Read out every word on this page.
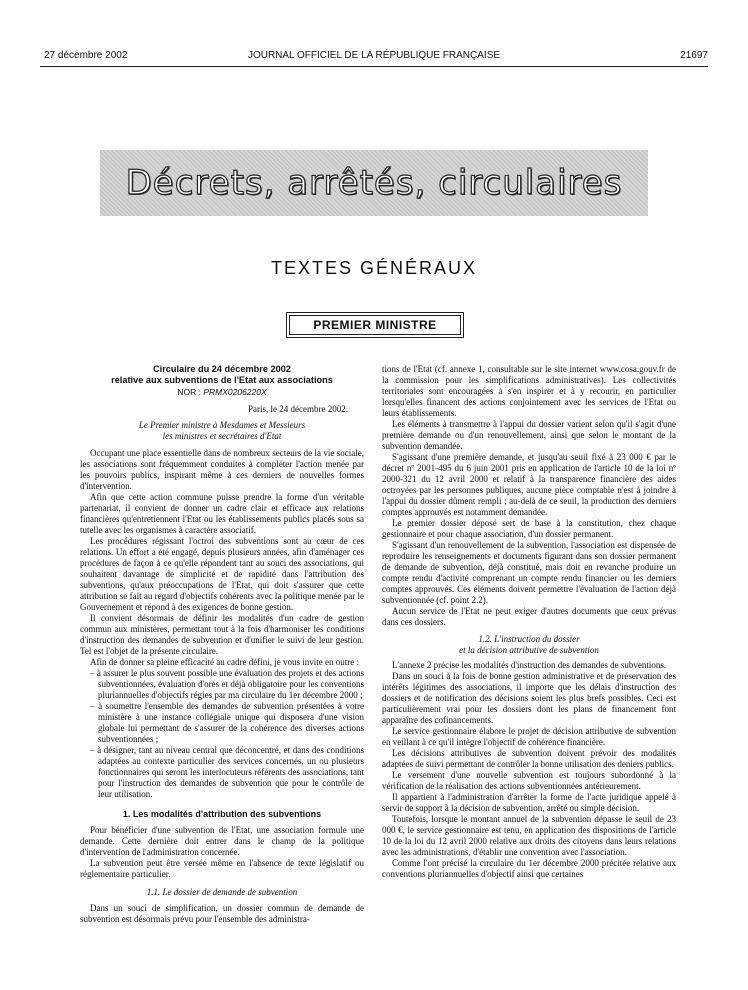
27 décembre 2002	JOURNAL OFFICIEL DE LA RÉPUBLIQUE FRANÇAISE	21697
Décrets, arrêtés, circulaires
TEXTES GÉNÉRAUX
PREMIER MINISTRE

Circulaire du 24 décembre 2002

relative aux subventions de l'Etat aux associations

NOR : PRMX0206220X

Paris, le 24 décembre 2002.

Le Premier ministre à Mesdames et Messieurs

les ministres et secrétaires d'Etat

Occupant une place essentielle dans de nombreux secteurs de la vie sociale, les associations sont fréquemment conduites à compléter l'action menée par les pouvoirs publics, inspirant même à ces derniers de nouvelles formes d'intervention.

Afin que cette action commune puisse prendre la forme d'un véritable partenariat, il convient de donner un cadre clair et efficace aux relations financières qu'entretiennent l'Etat ou les établissements publics placés sous sa tutelle avec les organismes à caractère associatif.

Les procédures régissant l'octroi des subventions sont au cœur de ces relations. Un effort a été engagé, depuis plusieurs années, afin d'aménager ces procédures de façon à ce qu'elle répondent tant au souci des associations, qui souhaitent davantage de simplicité et de rapidité dans l'attribution des subventions, qu'aux préoccupations de l'Etat, qui doit s'assurer que cette attribution se fait au regard d'objectifs cohérents avec la politique menée par le Gouvernement et répond à des exigences de bonne gestion.

Il convient désormais de définir les modalités d'un cadre de gestion commun aux ministères, permettant tout à la fois d'harmoniser les conditions d'instruction des demandes de subvention et d'unifier le suivi de leur gestion. Tel est l'objet de la présente circulaire.

Afin de donner sa pleine efficacité au cadre défini, je vous invite en outre :

– à assurer le plus souvent possible une évaluation des projets et des actions subventionnées, évaluation d'ores et déjà obligatoire pour les conventions pluriannuelles d'objectifs régies par ma circulaire du 1er décembre 2000 ;
– à soumettre l'ensemble des demandes de subvention présentées à votre ministère à une instance collégiale unique qui disposera d'une vision globale lui permettant de s'assurer de la cohérence des diverses actions subventionnées ;
– à désigner, tant au niveau central que déconcentré, et dans des conditions adaptées au contexte particulier des services concernés, un ou plusieurs fonctionnaires qui seront les interlocuteurs référents des associations, tant pour l'instruction des demandes de subvention que pour le contrôle de leur utilisation.

1. Les modalités d'attribution des subventions

Pour bénéficier d'une subvention de l'Etat, une association formule une demande. Cette dernière doit entrer dans le champ de la politique d'intervention de l'administration concernée.

La subvention peut être versée même en l'absence de texte législatif ou réglementaire particulier.

1.1. Le dossier de demande de subvention

Dans un souci de simplification, un dossier commun de demande de subvention est désormais prévu pour l'ensemble des administra-

tions de l'Etat (cf. annexe 1, consultable sur le site internet www.cosa.gouv.fr de la commission pour les simplifications administratives). Les collectivités territoriales sont encouragées à s'en inspirer et à y recourir, en particulier lorsqu'elles financent des actions conjointement avec les services de l'Etat ou leurs établissements.

Les éléments à transmettre à l'appui du dossier varient selon qu'il s'agit d'une première demande ou d'un renouvellement, ainsi que selon le montant de la subvention demandée.

S'agissant d'une première demande, et jusqu'au seuil fixé à 23 000 € par le décret nº 2001-495 du 6 juin 2001 pris en application de l'article 10 de la loi nº 2000-321 du 12 avril 2000 et relatif à la transparence financière des aides octroyées par les personnes publiques, aucune pièce comptable n'est à joindre à l'appui du dossier dûment rempli ; au-delà de ce seuil, la production des derniers comptes approuvés est notamment demandée.

Le premier dossier déposé sert de base à la constitution, chez chaque gestionnaire et pour chaque association, d'un dossier permanent.

S'agissant d'un renouvellement de la subvention, l'association est dispensée de reproduire les renseignements et documents figurant dans son dossier permanent de demande de subvention, déjà constitué, mais doit en revanche produire un compte rendu d'activité comprenant un compte rendu financier ou les derniers comptes approuvés. Ces éléments doivent permettre l'évaluation de l'action déjà subventionnée (cf. point 2.2).

Aucun service de l'Etat ne peut exiger d'autres documents que ceux prévus dans ces dossiers.

1.2. L'instruction du dossier

et la décision attributive de subvention

L'annexe 2 précise les modalités d'instruction des demandes de subventions.

Dans un souci à la fois de bonne gestion administrative et de préservation des intérêts légitimes des associations, il importe que les délais d'instruction des dossiers et de notification des décisions soient les plus brefs possibles. Ceci est particulièrement vrai pour les dossiers dont les plans de financement font apparaître des cofinancements.

Le service gestionnaire élabore le projet de décision attributive de subvention en veillant à ce qu'il intègre l'objectif de cohérence financière.

Les décisions attributives de subvention doivent prévoir des modalités adaptées de suivi permettant de contrôler la bonne utilisation des deniers publics.

Le versement d'une nouvelle subvention est toujours subordonné à la vérification de la réalisation des actions subventionnées antérieurement.

Il appartient à l'administration d'arrêter la forme de l'acte juridique appelé à servir de support à la décision de subvention, arrêté ou simple décision.

Toutefois, lorsque le montant annuel de la subvention dépasse le seuil de 23 000 €, le service gestionnaire est tenu, en application des dispositions de l'article 10 de la loi du 12 avril 2000 relative aux droits des citoyens dans leurs relations avec les administrations, d'établir une convention avec l'association.

Comme l'ont précisé la circulaire du 1er décembre 2000 précitée relative aux conventions pluriannuelles d'objectif ainsi que certaines
